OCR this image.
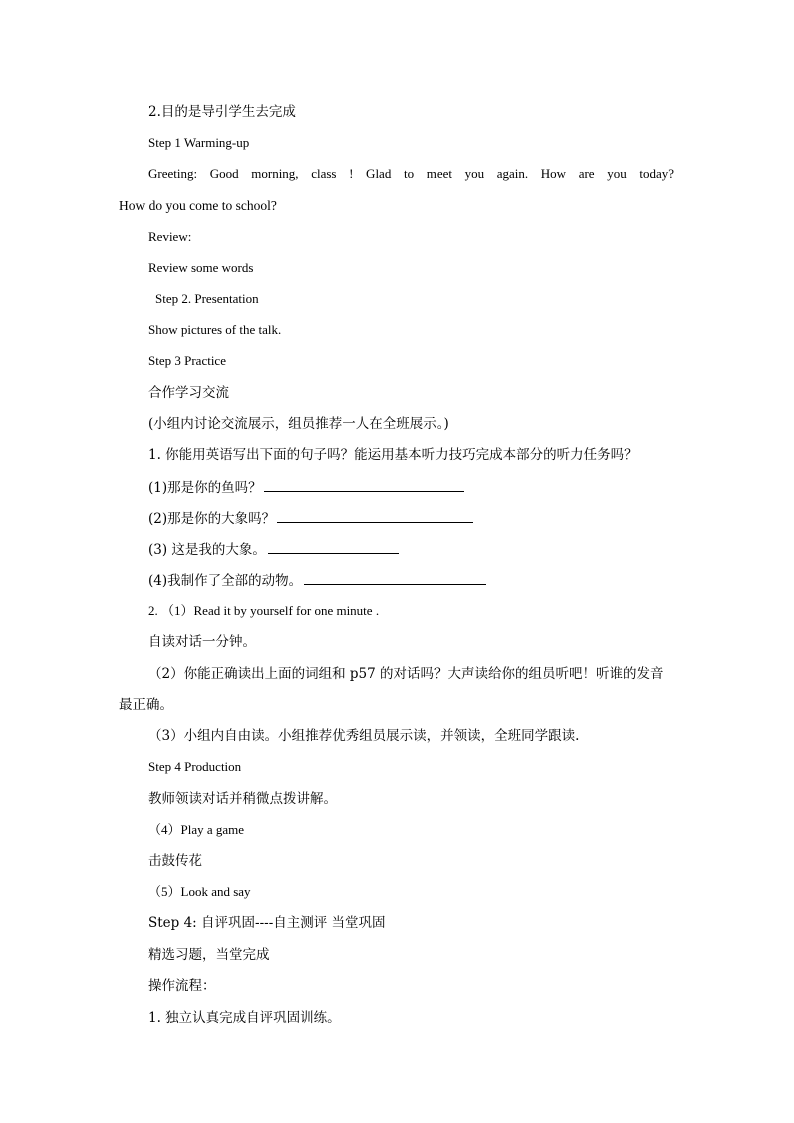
2.目的是导引学生去完成
Step 1 Warming-up
Greeting: Good morning, class ! Glad to meet you again. How are you today?
How do you come to school?
Review:
Review some words
Step 2. Presentation
Show pictures of the talk.
Step 3 Practice
合作学习交流
(小组内讨论交流展示，组员推荐一人在全班展示。)
1. 你能用英语写出下面的句子吗？能运用基本听力技巧完成本部分的听力任务吗？
(1)那是你的鱼吗？
(2)那是你的大象吗？
(3) 这是我的大象。
(4)我制作了全部的动物。
2. （1）Read it by yourself for one minute .
自读对话一分钟。
（2）你能正确读出上面的词组和 p57 的对话吗？大声读给你的组员听吧！听谁的发音
最正确。
（3）小组内自由读。小组推荐优秀组员展示读，并领读，全班同学跟读.
Step 4 Production
教师领读对话并稍微点拨讲解。
（4）Play a game
击鼓传花
（5）Look and say
Step 4: 自评巩固----自主测评 当堂巩固
精选习题，当堂完成
操作流程：
1. 独立认真完成自评巩固训练。
